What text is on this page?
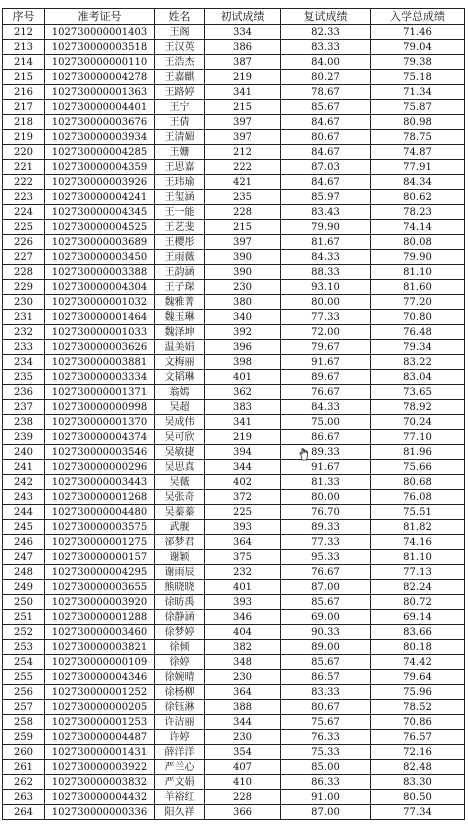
序号	准考证号	姓名	初试成绩	复试成绩	入学总成绩
212	102730000001403	王阁	334	82.33	71.46
213	102730000003518	王汉英	386	83.33	79.04
214	102730000000110	王浩杰	387	84.00	79.38
215	102730000004278	王嘉麒	219	80.27	75.18
216	102730000001363	王路婷	341	78.67	71.34
217	102730000004401	王宁	215	85.67	75.87
218	102730000003676	王倩	397	84.67	80.98
219	102730000003934	王清媚	397	80.67	78.75
220	102730000004285	王姗	212	84.67	74.87
221	102730000004359	王思嘉	222	87.03	77.91
222	102730000003926	王玮瑜	421	84.67	84.34
223	102730000004241	王玺涵	235	85.97	80.62
224	102730000004345	王一能	228	83.43	78.23
225	102730000004525	王艺斐	215	79.90	74.14
226	102730000003689	王樱彤	397	81.67	80.08
227	102730000003450	王雨薇	390	84.33	79.90
228	102730000003388	王韵涵	390	88.33	81.10
229	102730000004304	王子琛	230	93.10	81.60
230	102730000001032	魏雅菁	380	80.00	77.20
231	102730000001464	魏玉琳	340	77.33	70.80
232	102730000001033	魏泽坤	392	72.00	76.48
233	102730000003626	温美娟	396	79.67	79.34
234	102730000003881	文梅丽	398	91.67	83.22
235	102730000003334	文韬琳	401	89.67	83.04
236	102730000001371	翁嫣	362	76.67	73.65
237	102730000000998	吴超	383	84.33	78.92
238	102730000001370	吴成伟	341	75.00	70.24
239	102730000004374	吴可欣	219	86.67	77.10
240	102730000003546	吴敏捷	394	89.33	81.96
241	102730000000296	吴思真	344	91.67	75.66
242	102730000003443	吴薇	402	81.33	80.68
243	102730000001268	吴张奇	372	80.00	76.08
244	102730000004480	吴蓁蓁	225	76.70	75.51
245	102730000003575	武舰	393	89.33	81.82
246	102730000001275	郤梦君	364	77.33	74.16
247	102730000000157	谢颖	375	95.33	81.10
248	102730000004295	谢雨辰	232	76.67	77.13
249	102730000003655	熊晓晓	401	87.00	82.24
250	102730000003920	徐昉禹	393	85.67	80.72
251	102730000001288	徐静涵	346	69.00	69.14
252	102730000003460	徐梦婷	404	90.33	83.66
253	102730000003821	徐倾	382	89.00	80.18
254	102730000000109	徐婷	348	85.67	74.42
255	102730000004346	徐婉晴	230	86.57	79.64
256	102730000001252	徐杨柳	364	83.33	75.96
257	102730000000205	徐钰淋	388	80.67	78.52
258	102730000001253	许洁丽	344	75.67	70.86
259	102730000004487	许婷	230	76.33	76.57
260	102730000001431	薛洋洋	354	75.33	72.16
261	102730000003922	严兰心	407	85.00	82.48
262	102730000003832	严文娟	410	86.33	83.30
263	102730000004432	羊裕红	228	91.00	80.50
264	102730000000336	阳久祥	366	87.00	77.34
